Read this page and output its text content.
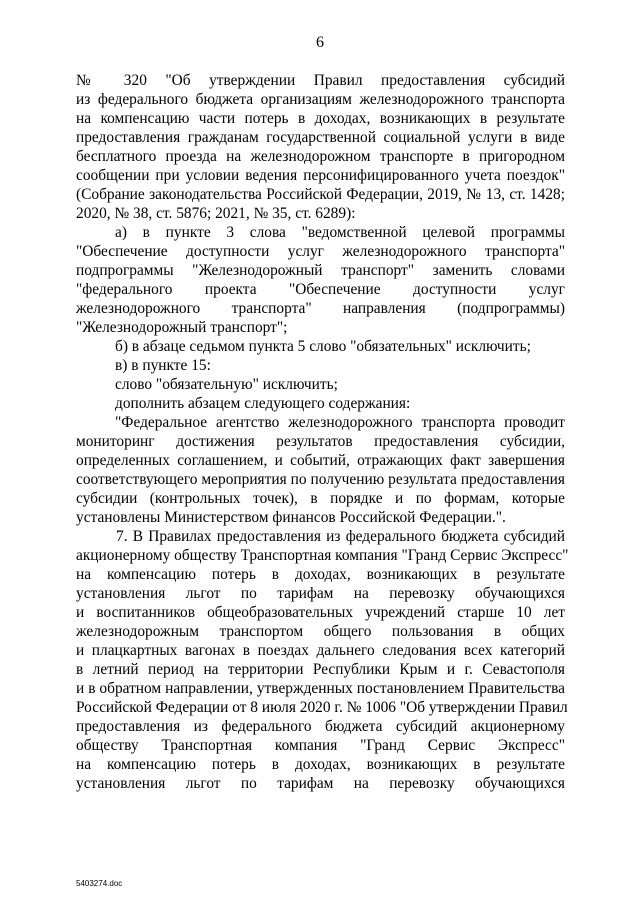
6
№ 320 "Об утверждении Правил предоставления субсидий
из федерального бюджета организациям железнодорожного транспорта
на компенсацию части потерь в доходах, возникающих в результате
предоставления гражданам государственной социальной услуги в виде
бесплатного проезда на железнодорожном транспорте в пригородном
сообщении при условии ведения персонифицированного учета поездок"
(Собрание законодательства Российской Федерации, 2019, № 13, ст. 1428;
2020, № 38, ст. 5876; 2021, № 35, ст. 6289):
а) в пункте 3 слова "ведомственной целевой программы
"Обеспечение доступности услуг железнодорожного транспорта"
подпрограммы "Железнодорожный транспорт" заменить словами
"федерального проекта "Обеспечение доступности услуг
железнодорожного транспорта" направления (подпрограммы)
"Железнодорожный транспорт";
б) в абзаце седьмом пункта 5 слово "обязательных" исключить;
в) в пункте 15:
слово "обязательную" исключить;
дополнить абзацем следующего содержания:
"Федеральное агентство железнодорожного транспорта проводит
мониторинг достижения результатов предоставления субсидии,
определенных соглашением, и событий, отражающих факт завершения
соответствующего мероприятия по получению результата предоставления
субсидии (контрольных точек), в порядке и по формам, которые
установлены Министерством финансов Российской Федерации.".
7. В Правилах предоставления из федерального бюджета субсидий
акционерному обществу Транспортная компания "Гранд Сервис Экспресс"
на компенсацию потерь в доходах, возникающих в результате
установления льгот по тарифам на перевозку обучающихся
и воспитанников общеобразовательных учреждений старше 10 лет
железнодорожным транспортом общего пользования в общих
и плацкартных вагонах в поездах дальнего следования всех категорий
в летний период на территории Республики Крым и г. Севастополя
и в обратном направлении, утвержденных постановлением Правительства
Российской Федерации от 8 июля 2020 г. № 1006 "Об утверждении Правил
предоставления из федерального бюджета субсидий акционерному
обществу Транспортная компания "Гранд Сервис Экспресс"
на компенсацию потерь в доходах, возникающих в результате
установления льгот по тарифам на перевозку обучающихся
5403274.doc
